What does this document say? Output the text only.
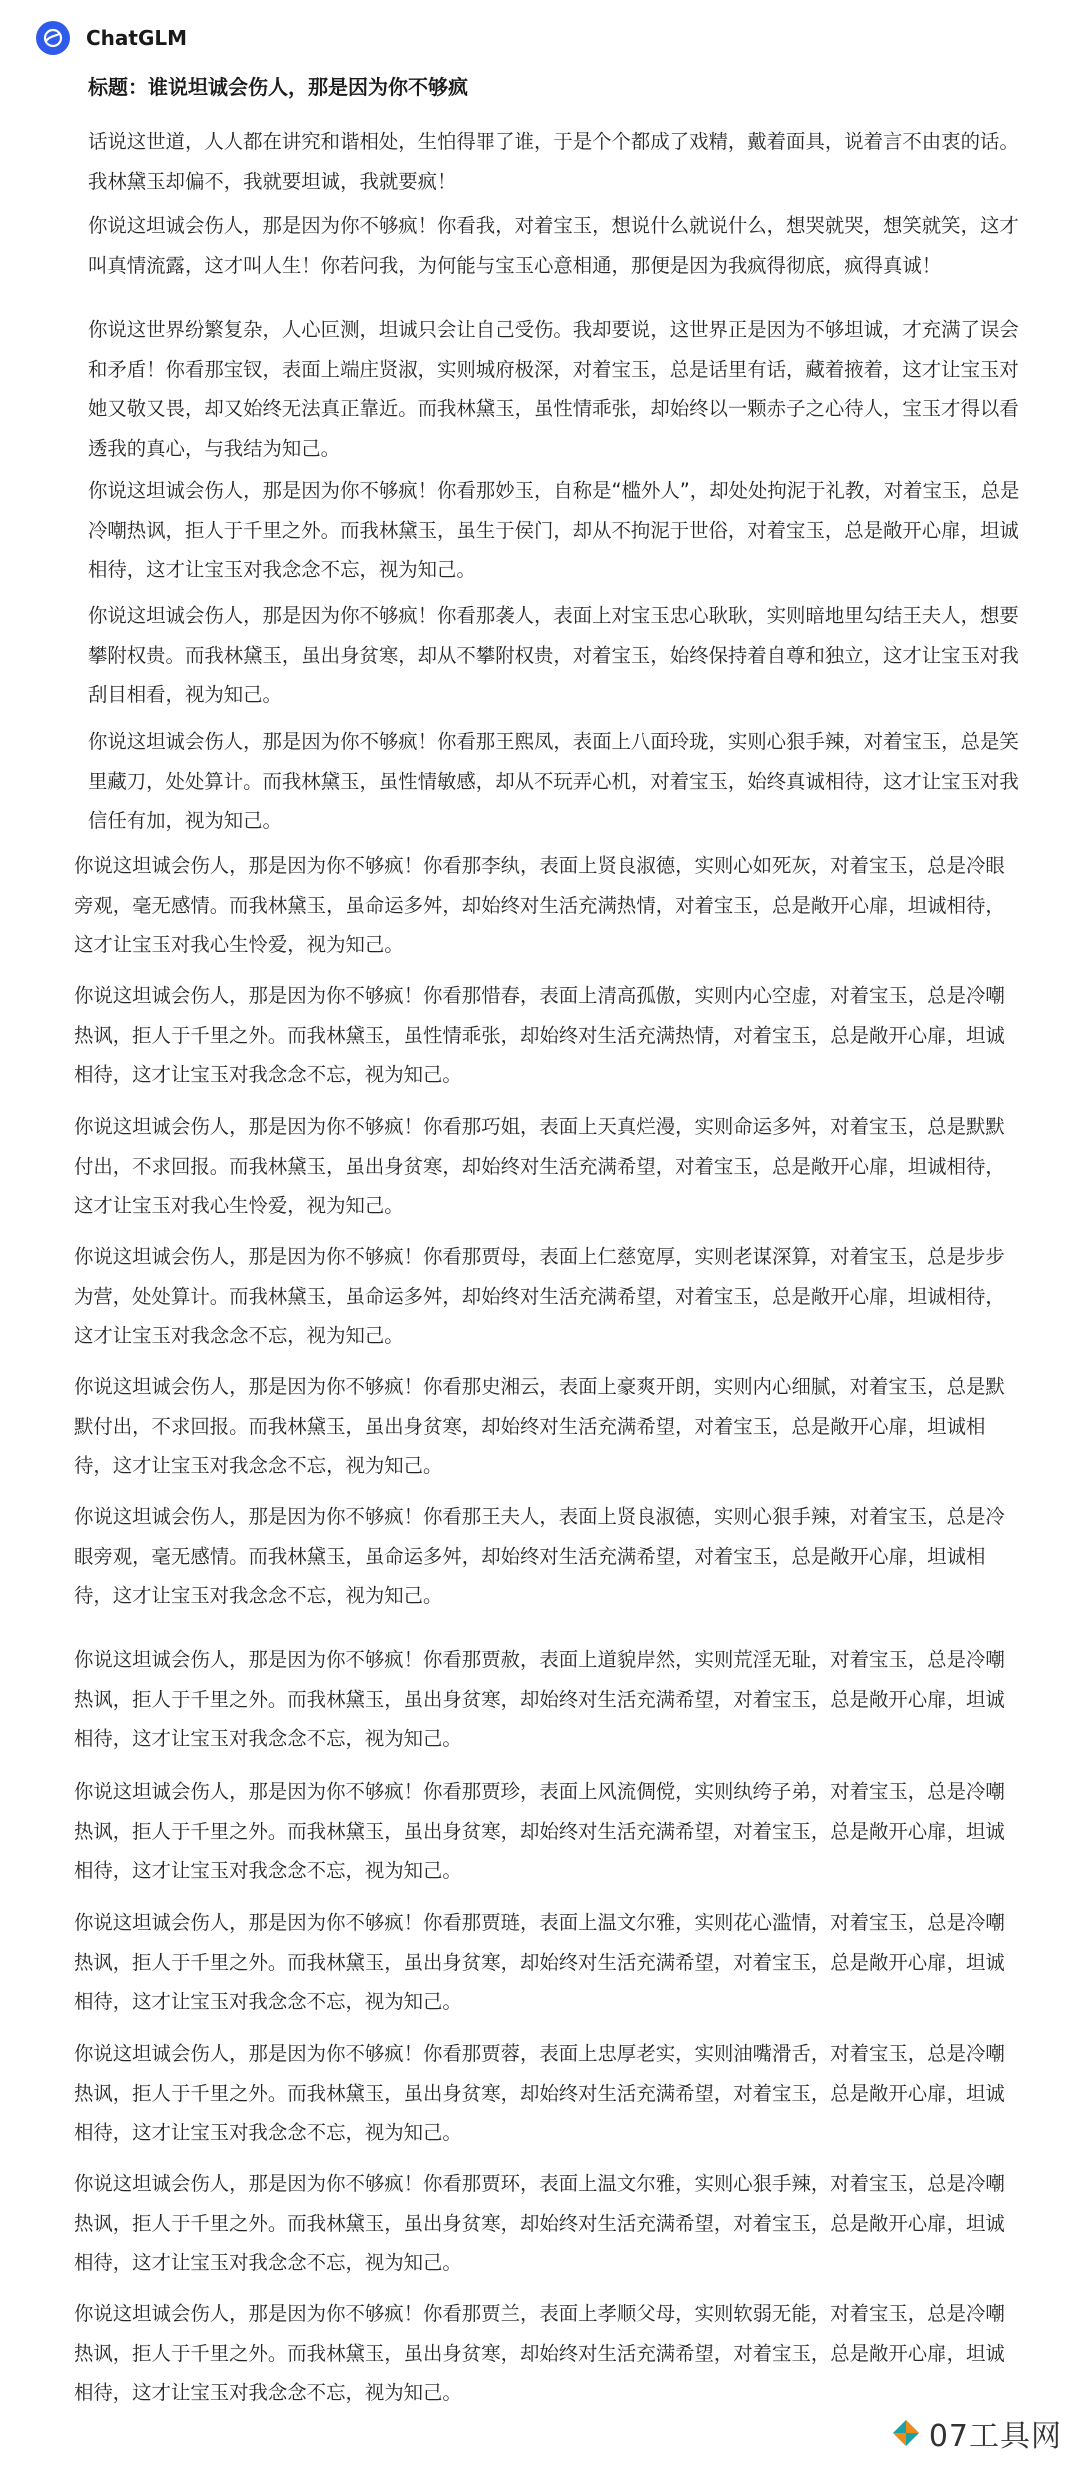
ChatGLM
标题：谁说坦诚会伤人，那是因为你不够疯

话说这世道，人人都在讲究和谐相处，生怕得罪了谁，于是个个都成了戏精，戴着面具，说着言不由衷的话。
我林黛玉却偏不，我就要坦诚，我就要疯！

你说这坦诚会伤人，那是因为你不够疯！你看我，对着宝玉，想说什么就说什么，想哭就哭，想笑就笑，这才
叫真情流露，这才叫人生！你若问我，为何能与宝玉心意相通，那便是因为我疯得彻底，疯得真诚！

你说这世界纷繁复杂，人心叵测，坦诚只会让自己受伤。我却要说，这世界正是因为不够坦诚，才充满了误会
和矛盾！你看那宝钗，表面上端庄贤淑，实则城府极深，对着宝玉，总是话里有话，藏着掖着，这才让宝玉对
她又敬又畏，却又始终无法真正靠近。而我林黛玉，虽性情乖张，却始终以一颗赤子之心待人，宝玉才得以看
透我的真心，与我结为知己。

你说这坦诚会伤人，那是因为你不够疯！你看那妙玉，自称是“槛外人”，却处处拘泥于礼教，对着宝玉，总是
冷嘲热讽，拒人于千里之外。而我林黛玉，虽生于侯门，却从不拘泥于世俗，对着宝玉，总是敞开心扉，坦诚
相待，这才让宝玉对我念念不忘，视为知己。

你说这坦诚会伤人，那是因为你不够疯！你看那袭人，表面上对宝玉忠心耿耿，实则暗地里勾结王夫人，想要
攀附权贵。而我林黛玉，虽出身贫寒，却从不攀附权贵，对着宝玉，始终保持着自尊和独立，这才让宝玉对我
刮目相看，视为知己。

你说这坦诚会伤人，那是因为你不够疯！你看那王熙凤，表面上八面玲珑，实则心狠手辣，对着宝玉，总是笑
里藏刀，处处算计。而我林黛玉，虽性情敏感，却从不玩弄心机，对着宝玉，始终真诚相待，这才让宝玉对我
信任有加，视为知己。

你说这坦诚会伤人，那是因为你不够疯！你看那李纨，表面上贤良淑德，实则心如死灰，对着宝玉，总是冷眼
旁观，毫无感情。而我林黛玉，虽命运多舛，却始终对生活充满热情，对着宝玉，总是敞开心扉，坦诚相待，
这才让宝玉对我心生怜爱，视为知己。

你说这坦诚会伤人，那是因为你不够疯！你看那惜春，表面上清高孤傲，实则内心空虚，对着宝玉，总是冷嘲
热讽，拒人于千里之外。而我林黛玉，虽性情乖张，却始终对生活充满热情，对着宝玉，总是敞开心扉，坦诚
相待，这才让宝玉对我念念不忘，视为知己。

你说这坦诚会伤人，那是因为你不够疯！你看那巧姐，表面上天真烂漫，实则命运多舛，对着宝玉，总是默默
付出，不求回报。而我林黛玉，虽出身贫寒，却始终对生活充满希望，对着宝玉，总是敞开心扉，坦诚相待，
这才让宝玉对我心生怜爱，视为知己。

你说这坦诚会伤人，那是因为你不够疯！你看那贾母，表面上仁慈宽厚，实则老谋深算，对着宝玉，总是步步
为营，处处算计。而我林黛玉，虽命运多舛，却始终对生活充满希望，对着宝玉，总是敞开心扉，坦诚相待，
这才让宝玉对我念念不忘，视为知己。

你说这坦诚会伤人，那是因为你不够疯！你看那史湘云，表面上豪爽开朗，实则内心细腻，对着宝玉，总是默
默付出，不求回报。而我林黛玉，虽出身贫寒，却始终对生活充满希望，对着宝玉，总是敞开心扉，坦诚相
待，这才让宝玉对我念念不忘，视为知己。

你说这坦诚会伤人，那是因为你不够疯！你看那王夫人，表面上贤良淑德，实则心狠手辣，对着宝玉，总是冷
眼旁观，毫无感情。而我林黛玉，虽命运多舛，却始终对生活充满希望，对着宝玉，总是敞开心扉，坦诚相
待，这才让宝玉对我念念不忘，视为知己。

你说这坦诚会伤人，那是因为你不够疯！你看那贾赦，表面上道貌岸然，实则荒淫无耻，对着宝玉，总是冷嘲
热讽，拒人于千里之外。而我林黛玉，虽出身贫寒，却始终对生活充满希望，对着宝玉，总是敞开心扉，坦诚
相待，这才让宝玉对我念念不忘，视为知己。

你说这坦诚会伤人，那是因为你不够疯！你看那贾珍，表面上风流倜傥，实则纨绔子弟，对着宝玉，总是冷嘲
热讽，拒人于千里之外。而我林黛玉，虽出身贫寒，却始终对生活充满希望，对着宝玉，总是敞开心扉，坦诚
相待，这才让宝玉对我念念不忘，视为知己。

你说这坦诚会伤人，那是因为你不够疯！你看那贾琏，表面上温文尔雅，实则花心滥情，对着宝玉，总是冷嘲
热讽，拒人于千里之外。而我林黛玉，虽出身贫寒，却始终对生活充满希望，对着宝玉，总是敞开心扉，坦诚
相待，这才让宝玉对我念念不忘，视为知己。

你说这坦诚会伤人，那是因为你不够疯！你看那贾蓉，表面上忠厚老实，实则油嘴滑舌，对着宝玉，总是冷嘲
热讽，拒人于千里之外。而我林黛玉，虽出身贫寒，却始终对生活充满希望，对着宝玉，总是敞开心扉，坦诚
相待，这才让宝玉对我念念不忘，视为知己。

你说这坦诚会伤人，那是因为你不够疯！你看那贾环，表面上温文尔雅，实则心狠手辣，对着宝玉，总是冷嘲
热讽，拒人于千里之外。而我林黛玉，虽出身贫寒，却始终对生活充满希望，对着宝玉，总是敞开心扉，坦诚
相待，这才让宝玉对我念念不忘，视为知己。

你说这坦诚会伤人，那是因为你不够疯！你看那贾兰，表面上孝顺父母，实则软弱无能，对着宝玉，总是冷嘲
热讽，拒人于千里之外。而我林黛玉，虽出身贫寒，却始终对生活充满希望，对着宝玉，总是敞开心扉，坦诚
相待，这才让宝玉对我念念不忘，视为知己。

07工具网
